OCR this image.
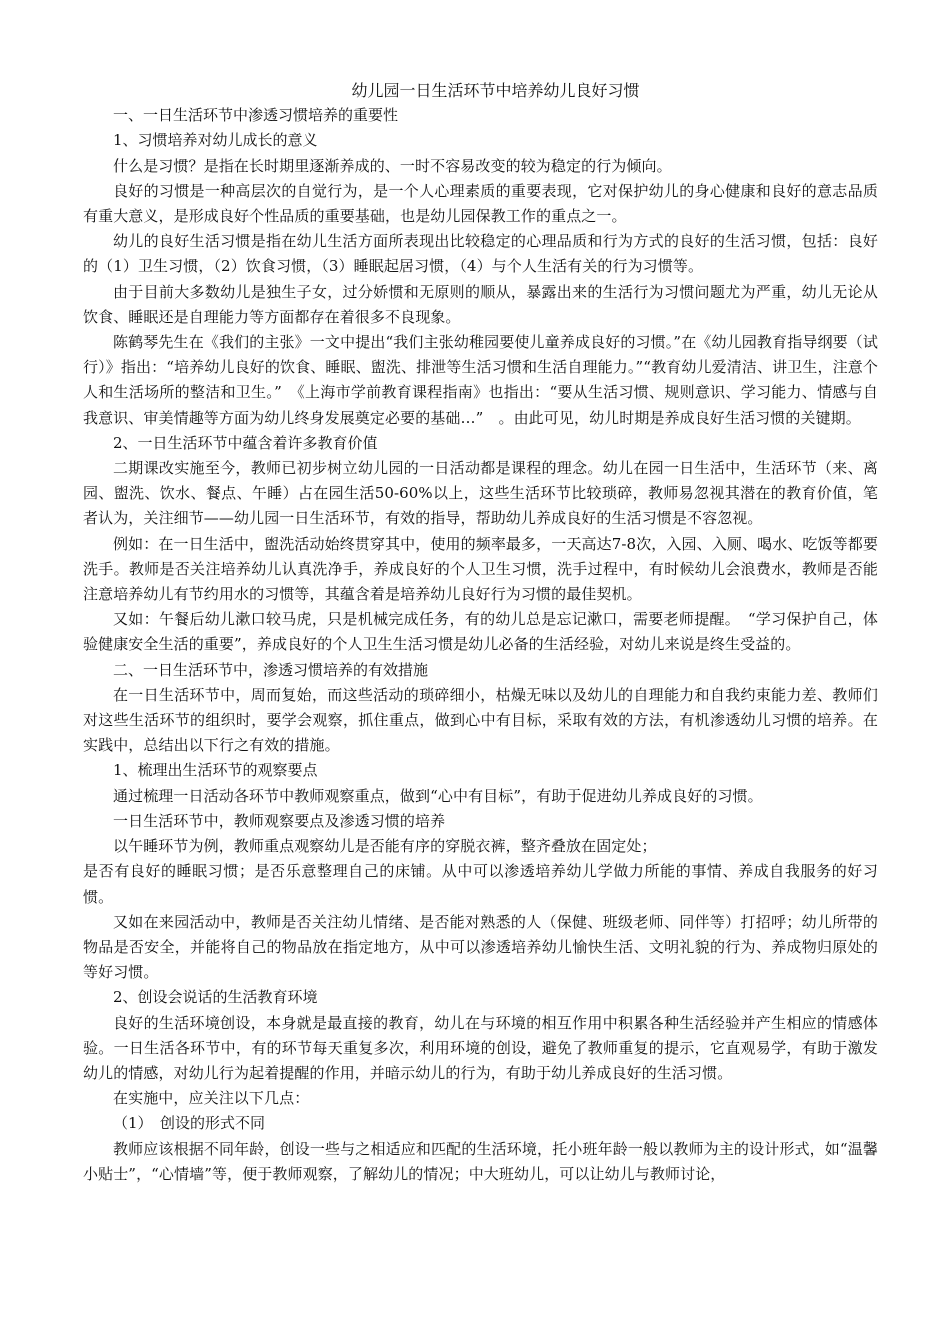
幼儿园一日生活环节中培养幼儿良好习惯

一、一日生活环节中渗透习惯培养的重要性

1、习惯培养对幼儿成长的意义

什么是习惯？是指在长时期里逐渐养成的、一时不容易改变的较为稳定的行为倾向。

良好的习惯是一种高层次的自觉行为，是一个人心理素质的重要表现，它对保护幼儿的身心健康和良好的意志品质有重大意义，是形成良好个性品质的重要基础，也是幼儿园保教工作的重点之一。

幼儿的良好生活习惯是指在幼儿生活方面所表现出比较稳定的心理品质和行为方式的良好的生活习惯，包括：良好的（1）卫生习惯，（2）饮食习惯，（3）睡眠起居习惯，（4）与个人生活有关的行为习惯等。

由于目前大多数幼儿是独生子女，过分娇惯和无原则的顺从，暴露出来的生活行为习惯问题尤为严重，幼儿无论从饮食、睡眠还是自理能力等方面都存在着很多不良现象。

陈鹤琴先生在《我们的主张》一文中提出“我们主张幼稚园要使儿童养成良好的习惯。”在《幼儿园教育指导纲要（试行）》指出：“培养幼儿良好的饮食、睡眠、盥洗、排泄等生活习惯和生活自理能力。”“教育幼儿爱清洁、讲卫生，注意个人和生活场所的整洁和卫生。”　《上海市学前教育课程指南》也指出：“要从生活习惯、规则意识、学习能力、情感与自我意识、审美情趣等方面为幼儿终身发展奠定必要的基础…”　。由此可见，幼儿时期是养成良好生活习惯的关键期。

2、一日生活环节中蕴含着许多教育价值

二期课改实施至今，教师已初步树立幼儿园的一日活动都是课程的理念。幼儿在园一日生活中，生活环节（来、离园、盥洗、饮水、餐点、午睡）占在园生活50-60%以上，这些生活环节比较琐碎，教师易忽视其潜在的教育价值，笔者认为，关注细节——幼儿园一日生活环节，有效的指导，帮助幼儿养成良好的生活习惯是不容忽视。

例如：在一日生活中，盥洗活动始终贯穿其中，使用的频率最多，一天高达7-8次，入园、入厕、喝水、吃饭等都要洗手。教师是否关注培养幼儿认真洗净手，养成良好的个人卫生习惯，洗手过程中，有时候幼儿会浪费水，教师是否能注意培养幼儿有节约用水的习惯等，其蕴含着是培养幼儿良好行为习惯的最佳契机。

又如：午餐后幼儿漱口较马虎，只是机械完成任务，有的幼儿总是忘记漱口，需要老师提醒。　“学习保护自己，体验健康安全生活的重要”，养成良好的个人卫生生活习惯是幼儿必备的生活经验，对幼儿来说是终生受益的。

二、一日生活环节中，渗透习惯培养的有效措施

在一日生活环节中，周而复始，而这些活动的琐碎细小，枯燥无味以及幼儿的自理能力和自我约束能力差、教师们对这些生活环节的组织时，要学会观察，抓住重点，做到心中有目标，采取有效的方法，有机渗透幼儿习惯的培养。在实践中，总结出以下行之有效的措施。

1、梳理出生活环节的观察要点

通过梳理一日活动各环节中教师观察重点，做到“心中有目标”，有助于促进幼儿养成良好的习惯。

一日生活环节中，教师观察要点及渗透习惯的培养

以午睡环节为例，教师重点观察幼儿是否能有序的穿脱衣裤，整齐叠放在固定处；

是否有良好的睡眠习惯；是否乐意整理自己的床铺。从中可以渗透培养幼儿学做力所能的事情、养成自我服务的好习惯。

又如在来园活动中，教师是否关注幼儿情绪、是否能对熟悉的人（保健、班级老师、同伴等）打招呼；幼儿所带的物品是否安全，并能将自己的物品放在指定地方，从中可以渗透培养幼儿愉快生活、文明礼貌的行为、养成物归原处的等好习惯。

2、创设会说话的生活教育环境

良好的生活环境创设，本身就是最直接的教育，幼儿在与环境的相互作用中积累各种生活经验并产生相应的情感体验。一日生活各环节中，有的环节每天重复多次，利用环境的创设，避免了教师重复的提示，它直观易学，有助于激发幼儿的情感，对幼儿行为起着提醒的作用，并暗示幼儿的行为，有助于幼儿养成良好的生活习惯。

在实施中，应关注以下几点：

（1）　创设的形式不同

教师应该根据不同年龄，创设一些与之相适应和匹配的生活环境，托小班年龄一般以教师为主的设计形式，如“温馨小贴士”，“心情墙”等，便于教师观察，了解幼儿的情况；中大班幼儿，可以让幼儿与教师讨论，
